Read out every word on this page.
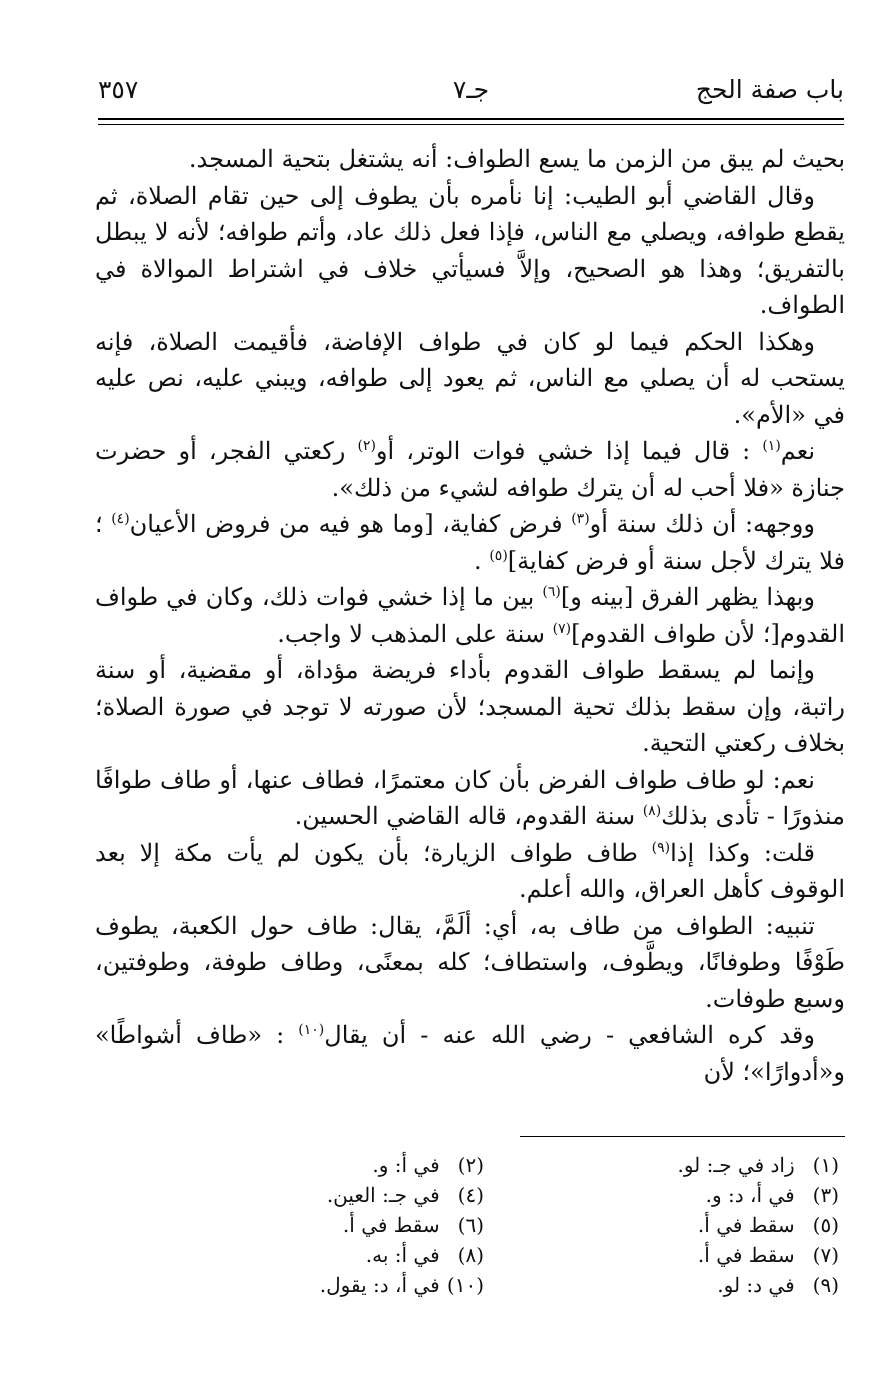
باب صفة الحج
جـ٧
٣٥٧

بحيث لم يبق من الزمن ما يسع الطواف: أنه يشتغل بتحية المسجد.

وقال القاضي أبو الطيب: إنا نأمره بأن يطوف إلى حين تقام الصلاة، ثم يقطع طوافه، ويصلي مع الناس، فإذا فعل ذلك عاد، وأتم طوافه؛ لأنه لا يبطل بالتفريق؛ وهذا هو الصحيح، وإلاَّ فسيأتي خلاف في اشتراط الموالاة في الطواف.

وهكذا الحكم فيما لو كان في طواف الإفاضة، فأقيمت الصلاة، فإنه يستحب له أن يصلي مع الناس، ثم يعود إلى طوافه، ويبني عليه، نص عليه في «الأم».

نعم$^{(١)}$ : قال فيما إذا خشي فوات الوتر، أو$^{(٢)}$ ركعتي الفجر، أو حضرت جنازة «فلا أحب له أن يترك طوافه لشيء من ذلك».

ووجهه: أن ذلك سنة أو$^{(٣)}$ فرض كفاية، [وما هو فيه من فروض الأعيان$^{(٤)}$ ؛ فلا يترك لأجل سنة أو فرض كفاية]$^{(٥)}$ .

وبهذا يظهر الفرق [بينه و]$^{(٦)}$ بين ما إذا خشي فوات ذلك، وكان في طواف القدوم[؛ لأن طواف القدوم]$^{(٧)}$ سنة على المذهب لا واجب.

وإنما لم يسقط طواف القدوم بأداء فريضة مؤداة، أو مقضية، أو سنة راتبة، وإن سقط بذلك تحية المسجد؛ لأن صورته لا توجد في صورة الصلاة؛ بخلاف ركعتي التحية.

نعم: لو طاف طواف الفرض بأن كان معتمرًا، فطاف عنها، أو طاف طوافًا منذورًا - تأدى بذلك$^{(٨)}$ سنة القدوم، قاله القاضي الحسين.

قلت: وكذا إذا$^{(٩)}$ طاف طواف الزيارة؛ بأن يكون لم يأت مكة إلا بعد الوقوف كأهل العراق، والله أعلم.

تنبيه: الطواف من طاف به، أي: ألَمَّ، يقال: طاف حول الكعبة، يطوف طَوْفًا وطوفانًا، ويطَّوف، واستطاف؛ كله بمعنًى، وطاف طوفة، وطوفتين، وسبع طوفات.

وقد كره الشافعي - رضي الله عنه - أن يقال$^{(١٠)}$ : «طاف أشواطًا» و«أدوارًا»؛ لأن

(١) زاد في جـ: لو.
(٣) في أ، د: و.
(٥) سقط في أ.
(٧) سقط في أ.
(٩) في د: لو.
(٢) في أ: و.
(٤) في جـ: العين.
(٦) سقط في أ.
(٨) في أ: به.
(١٠) في أ، د: يقول.
